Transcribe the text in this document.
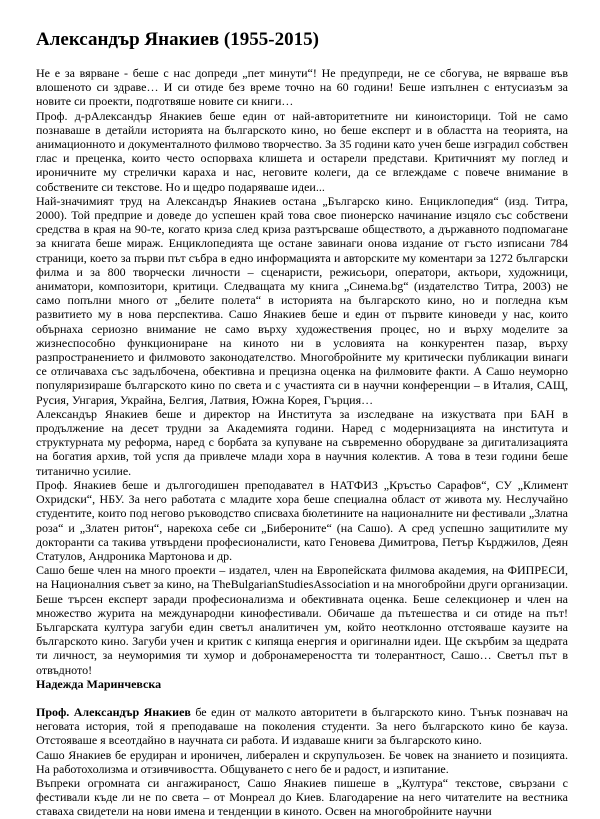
Александър Янакиев (1955-2015)

Не е за вярване - беше с нас допреди „пет минути“! Не предупреди, не се сбогува, не вярваше във влошеното си здраве… И си отиде без време точно на 60 години! Беше изпълнен с ентусиазъм за новите си проекти, подготвяше новите си книги…

Проф. д-рАлександър Янакиев беше един от най-авторитетните ни киноисторици. Той не само познаваше в детайли историята на българското кино, но беше експерт и в областта на теорията, на анимационното и документалното филмово творчество. За 35 години като учен беше изградил собствен глас и преценка, които често оспорваха клишета и остарели представи. Критичният му поглед и ироничните му стрелички караха и нас, неговите колеги, да се вглеждаме с повече внимание в собствените си текстове. Но и щедро подаряваше идеи...

Най-значимият труд на Александър Янакиев остана „Българско кино. Енциклопедия“ (изд. Титра, 2000). Той предприе и доведе до успешен край това свое пионерско начинание изцяло със собствени средства в края на 90-те, когато криза след криза разтърсваше обществото, а държавното подпомагане за книгата беше мираж. Енциклопедията ще остане завинаги онова издание от гъсто изписани 784 страници, което за първи път събра в едно информацията и авторските му коментари за 1272 български филма и за 800 творчески личности – сценаристи, режисьори, оператори, актьори, художници, аниматори, композитори, критици. Следващата му книга „Синема.bg“ (издателство Титра, 2003) не само попълни много от „белите полета“ в историята на българското кино, но и погледна към развитието му в нова перспектива. Сашо Янакиев беше и един от първите киноведи у нас, които обърнаха сериозно внимание не само върху художествения процес, но и върху моделите за жизнеспособно функциониране на киното ни в условията на конкурентен пазар, върху разпространението и филмовото законодателство. Многобройните му критически публикации винаги се отличаваха със задълбочена, обективна и прецизна оценка на филмовите факти. А Сашо неуморно популяризираше българското кино по света и с участията си в научни конференции – в Италия, САЩ, Русия, Унгария, Украйна, Белгия, Латвия, Южна Корея, Гърция…

Александър Янакиев беше и директор на Института за изследване на изкуствата при БАН в продължение на десет трудни за Академията години. Наред с модернизацията на института и структурната му реформа, наред с борбата за купуване на съвременно оборудване за дигитализацията на богатия архив, той успя да привлече млади хора в научния колектив. А това в тези години беше титанично усилие.

Проф. Янакиев беше и дългогодишен преподавател в НАТФИЗ „Кръстьо Сарафов“, СУ „Климент Охридски“, НБУ. За него работата с младите хора беше специална област от живота му. Неслучайно студентите, които под негово ръководство списваха бюлетините на националните ни фестивали „Златна роза“ и „Златен ритон“, нарекоха себе си „Бибероните“ (на Сашо). А сред успешно защитилите му докторанти са такива утвърдени професионалисти, като Геновева Димитрова, Петър Кърджилов, Деян Статулов, Андроника Мартонова и др.

Сашо беше член на много проекти – издател, член на Европейската филмова академия, на ФИПРЕСИ, на Националния съвет за кино, на TheBulgarianStudiesAssociation и на многобройни други организации. Беше търсен експерт заради професионализма и обективната оценка. Беше селекционер и член на множество журита на международни кинофестивали. Обичаше да пътешества и си отиде на път! Българската култура загуби един светъл аналитичен ум, който неотклонно отстояваше каузите на българското кино. Загуби учен и критик с кипяща енергия и оригинални идеи. Ще скърбим за щедрата ти личност, за неуморимия ти хумор и добронамереността ти толерантност, Сашо… Светъл път в отвъдното!

Надежда Маринчевска

Проф. Александър Янакиев бе един от малкото авторитети в българското кино. Тънък познавач на неговата история, той я преподаваше на поколения студенти. За него българското кино бе кауза. Отстояваше я всеотдайно в научната си работа. И издаваше книги за българското кино.

Сашо Янакиев бе ерудиран и ироничен, либерален и скрупульозен. Бе човек на знанието и позицията. На работохолизма и отзивчивостта. Общуването с него бе и радост, и изпитание.

Въпреки огромната си ангажираност, Сашо Янакиев пишеше в „Култура“ текстове, свързани с фестивали къде ли не по света – от Монреал до Киев. Благодарение на него читателите на вестника ставаха свидетели на нови имена и тенденции в киното. Освен на многобройните научни
